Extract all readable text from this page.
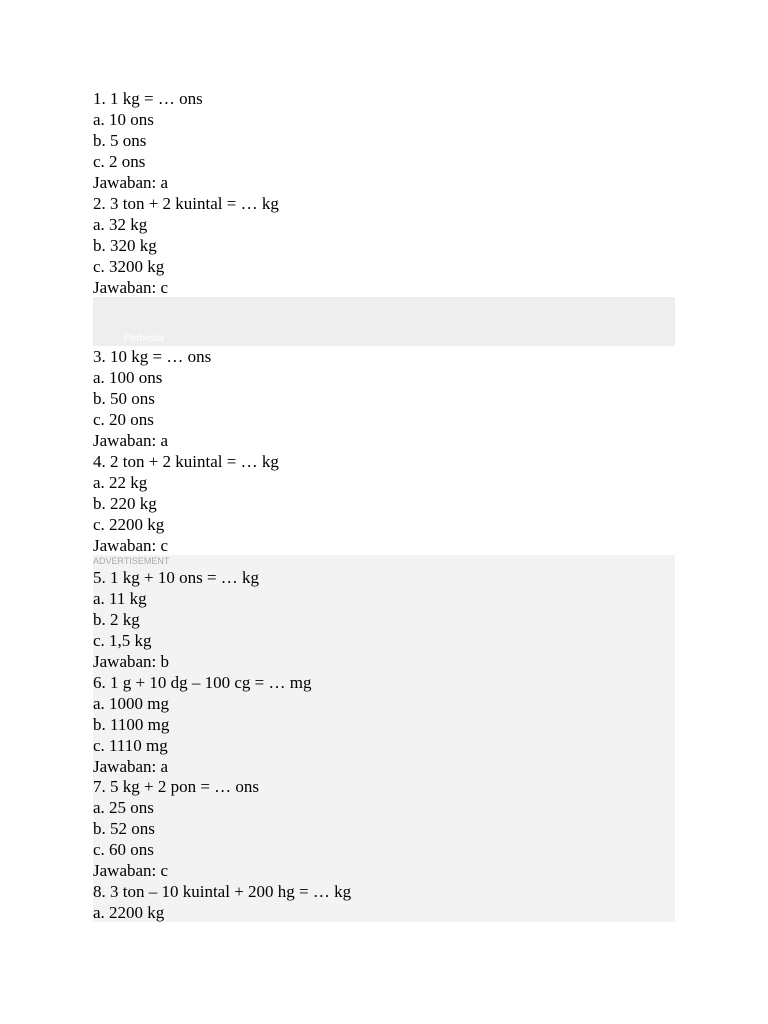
Perbesar
ADVERTISEMENT
1. 1 kg = … ons
a. 10 ons
b. 5 ons
c. 2 ons
Jawaban: a
2. 3 ton + 2 kuintal = … kg
a. 32 kg
b. 320 kg
c. 3200 kg
Jawaban: c
3. 10 kg = … ons
a. 100 ons
b. 50 ons
c. 20 ons
Jawaban: a
4. 2 ton + 2 kuintal = … kg
a. 22 kg
b. 220 kg
c. 2200 kg
Jawaban: c
5. 1 kg + 10 ons = … kg
a. 11 kg
b. 2 kg
c. 1,5 kg
Jawaban: b
6. 1 g + 10 dg – 100 cg = … mg
a. 1000 mg
b. 1100 mg
c. 1110 mg
Jawaban: a
7. 5 kg + 2 pon = … ons
a. 25 ons
b. 52 ons
c. 60 ons
Jawaban: c
8. 3 ton – 10 kuintal + 200 hg = … kg
a. 2200 kg
